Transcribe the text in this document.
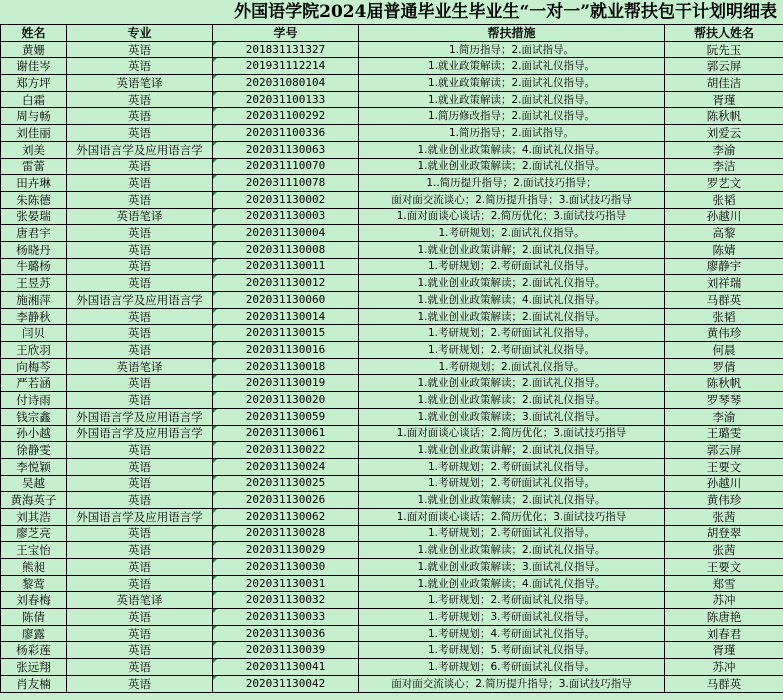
外国语学院2024届普通毕业生毕业生“一对一”就业帮扶包干计划明细表
姓名	专业	学号	帮扶措施	帮扶人姓名
黄姗	英语	201831131327	1.简历指导；2.面试指导。	阮先玉
谢佳岑	英语	201931112214	1.就业政策解读；2.面试礼仪指导。	郭云屏
郑方坪	英语笔译	202031080104	1.就业政策解读；2.面试礼仪指导。	胡佳洁
白霜	英语	202031100133	1.就业政策解读；2.面试礼仪指导。	胥瑾
周与畅	英语	202031100292	1.简历修改指导；2.面试礼仪指导。	陈秋帆
刘佳丽	英语	202031100336	1.简历指导；2.面试指导。	刘爱云
刘美	外国语言学及应用语言学	202031130063	1.就业创业政策解读；4.面试礼仪指导。	李渝
雷蕾	英语	202031110070	1.就业创业政策解读；2.面试礼仪指导。	李洁
田卉琳	英语	202031110078	1..简历提升指导；2.面试技巧指导；	罗艺文
朱陈德	英语	202031130002	面对面交流谈心；2.简历提升指导；3.面试技巧指导	张韬
张晏瑞	英语笔译	202031130003	1.面对面谈心谈话；2.简历优化；3.面试技巧指导	孙越川
唐君宇	英语	202031130004	1.考研规划；2.面试礼仪指导。	高黎
杨晓丹	英语	202031130008	1.就业创业政策讲解；2.面试礼仪指导。	陈婧
牛璐杨	英语	202031130011	1.考研规划；2.考研面试礼仪指导。	廖静宇
王昱苏	英语	202031130012	1.就业创业政策解读；2.面试礼仪指导。	刘祥瑞
施湘萍	外国语言学及应用语言学	202031130060	1.就业创业政策解读；4.面试礼仪指导。	马群英
李静秋	英语	202031130014	1.就业创业政策解读；2.面试礼仪指导。	张韬
闫贝	英语	202031130015	1.考研规划；2.考研面试礼仪指导。	黄伟珍
王欣羽	英语	202031130016	1.考研规划；2.考研面试礼仪指导。	何晨
向梅芩	英语笔译	202031130018	1.考研规划；2.面试礼仪指导。	罗倩
严若涵	英语	202031130019	1.就业创业政策解读；2.面试礼仪指导。	陈秋帆
付诗雨	英语	202031130020	1.就业创业政策解读；2.面试礼仪指导。	罗琴琴
钱宗鑫	外国语言学及应用语言学	202031130059	1.就业创业政策解读；3.面试礼仪指导。	李渝
孙小越	外国语言学及应用语言学	202031130061	1.面对面谈心谈话；2.简历优化；3.面试技巧指导	王璐雯
徐静雯	英语	202031130022	1.就业创业政策讲解；2.面试礼仪指导。	郭云屏
李悦颖	英语	202031130024	1.考研规划；2.考研面试礼仪指导。	王要文
吴越	英语	202031130025	1.考研规划；2.考研面试礼仪指导。	孙越川
黄海英子	英语	202031130026	1.就业创业政策解读；2.面试礼仪指导。	黄伟珍
刘其浩	外国语言学及应用语言学	202031130062	1.面对面谈心谈话；2.简历优化；3.面试技巧指导	张茜
廖芝亮	英语	202031130028	1.考研规划；2.考研面试礼仪指导。	胡登翠
王宝怡	英语	202031130029	1.就业创业政策解读；2.面试礼仪指导。	张茜
熊昶	英语	202031130030	1.就业创业政策解读；3.面试礼仪指导。	王要文
黎莺	英语	202031130031	1.就业创业政策解读；4.面试礼仪指导。	郑雪
刘春梅	英语笔译	202031130032	1.考研规划；2.考研面试礼仪指导。	苏冲
陈倩	英语	202031130033	1.考研规划；3.考研面试礼仪指导。	陈唐艳
廖露	英语	202031130036	1.考研规划；4.考研面试礼仪指导。	刘春君
杨彩莲	英语	202031130039	1.考研规划；5.考研面试礼仪指导。	胥瑾
张远翔	英语	202031130041	1.考研规划；6.考研面试礼仪指导。	苏冲
肖友楠	英语	202031130042	面对面交流谈心；2.简历提升指导；3.面试技巧指导	马群英
